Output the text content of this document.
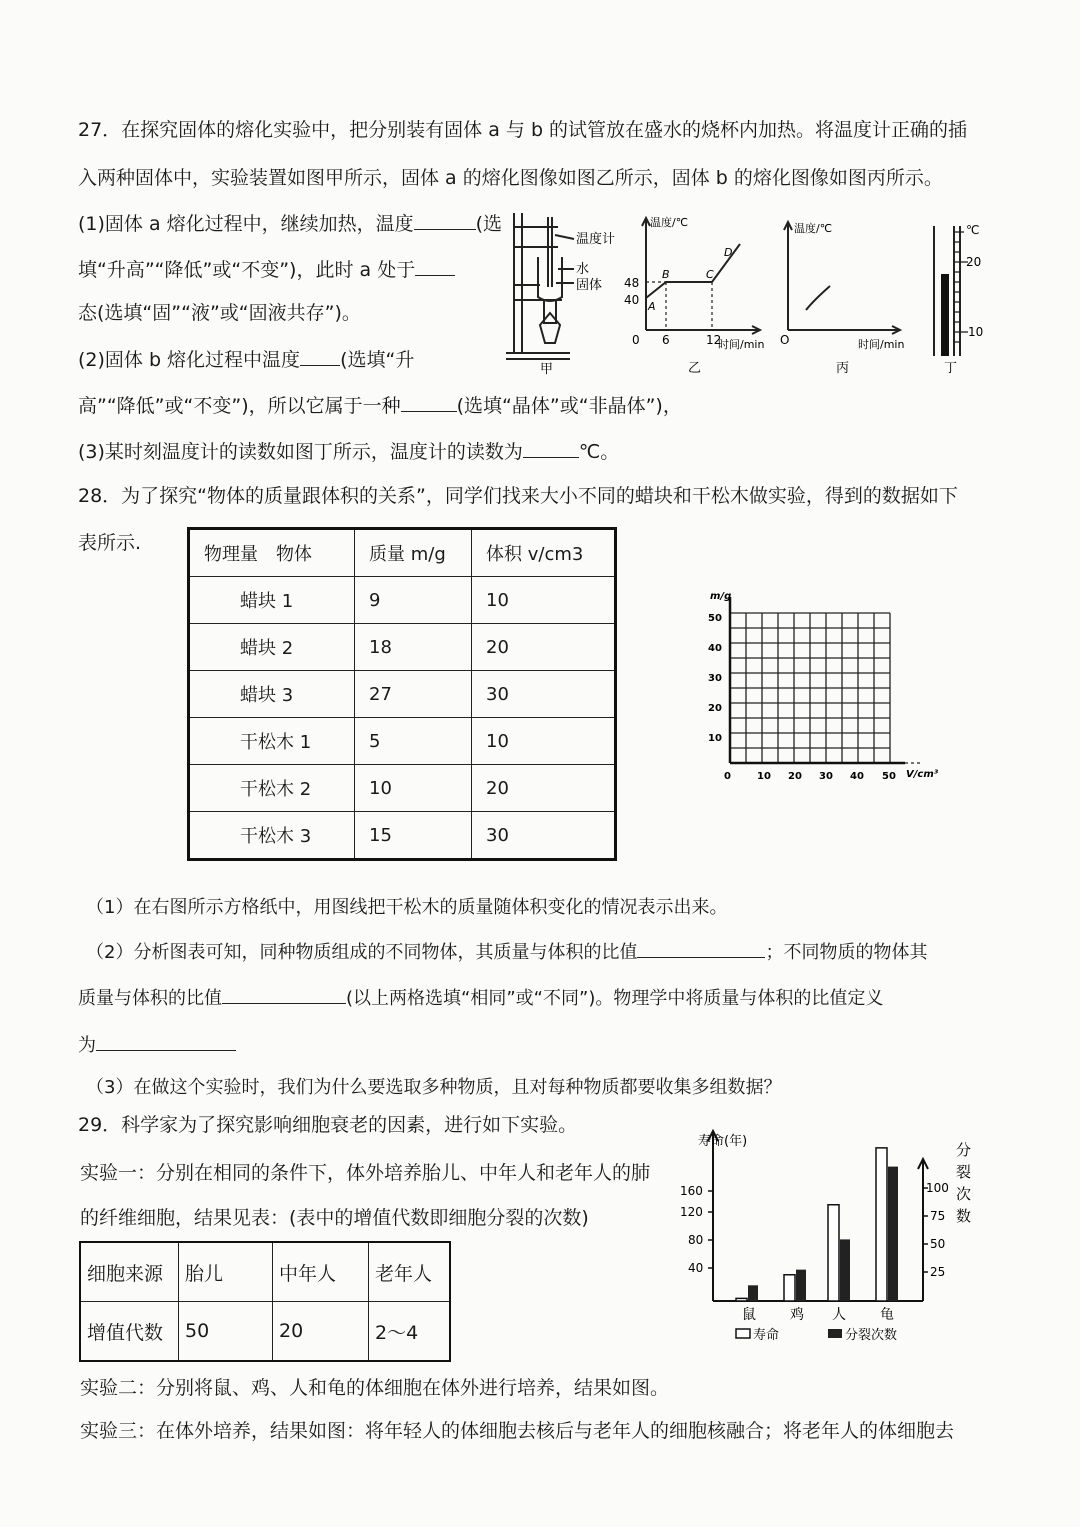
27．在探究固体的熔化实验中，把分别装有固体 a 与 b 的试管放在盛水的烧杯内加热。将温度计正确的插
入两种固体中，实验装置如图甲所示，固体 a 的熔化图像如图乙所示，固体 b 的熔化图像如图丙所示。
(1)固体 a 熔化过程中，继续加热，温度	(选
填“升高”“降低”或“不变”)，此时 a 处于
态(选填“固”“液”或“固液共存”)。
(2)固体 b 熔化过程中温度 (选填“升
高”“降低”或“不变”)，所以它属于一种	(选填“晶体”或“非晶体”)，
(3)某时刻温度计的读数如图丁所示，温度计的读数为	℃。
温度计
水
固体
甲
温度/℃
48
40 A
B	C
D
0 6	12
时间/min
乙
温度/℃
O	时间/min
丙
℃
20
10
丁
28．为了探究“物体的质量跟体积的关系”，同学们找来大小不同的蜡块和干松木做实验，得到的数据如下
表所示.
物理量　物体	质量 m/g	体积 v/cm3
蜡块 1	9	10
蜡块 2	18	20
蜡块 3	27	30
干松木 1	5	10
干松木 2	10	20
干松木 3	15	30
m/g
V/cm³
50
40
30
20
10
0	10 20 30 40 50
（1）在右图所示方格纸中，用图线把干松木的质量随体积变化的情况表示出来。
（2）分析图表可知，同种物质组成的不同物体，其质量与体积的比值	；不同物质的物体其
质量与体积的比值	(以上两格选填“相同”或“不同”)。物理学中将质量与体积的比值定义
为
（3）在做这个实验时，我们为什么要选取多种物质，且对每种物质都要收集多组数据？
29．科学家为了探究影响细胞衰老的因素，进行如下实验。
实验一：分别在相同的条件下，体外培养胎儿、中年人和老年人的肺
的纤维细胞，结果见表：(表中的增值代数即细胞分裂的次数)
细胞来源	胎儿	中年人	老年人
增值代数	50	20	2～4
寿命(年)	分
裂
次
数
160
120
80
40
100
75
50
25
鼠 鸡 人 龟
寿命	分裂次数
实验二：分别将鼠、鸡、人和龟的体细胞在体外进行培养，结果如图。
实验三：在体外培养，结果如图：将年轻人的体细胞去核后与老年人的细胞核融合；将老年人的体细胞去
